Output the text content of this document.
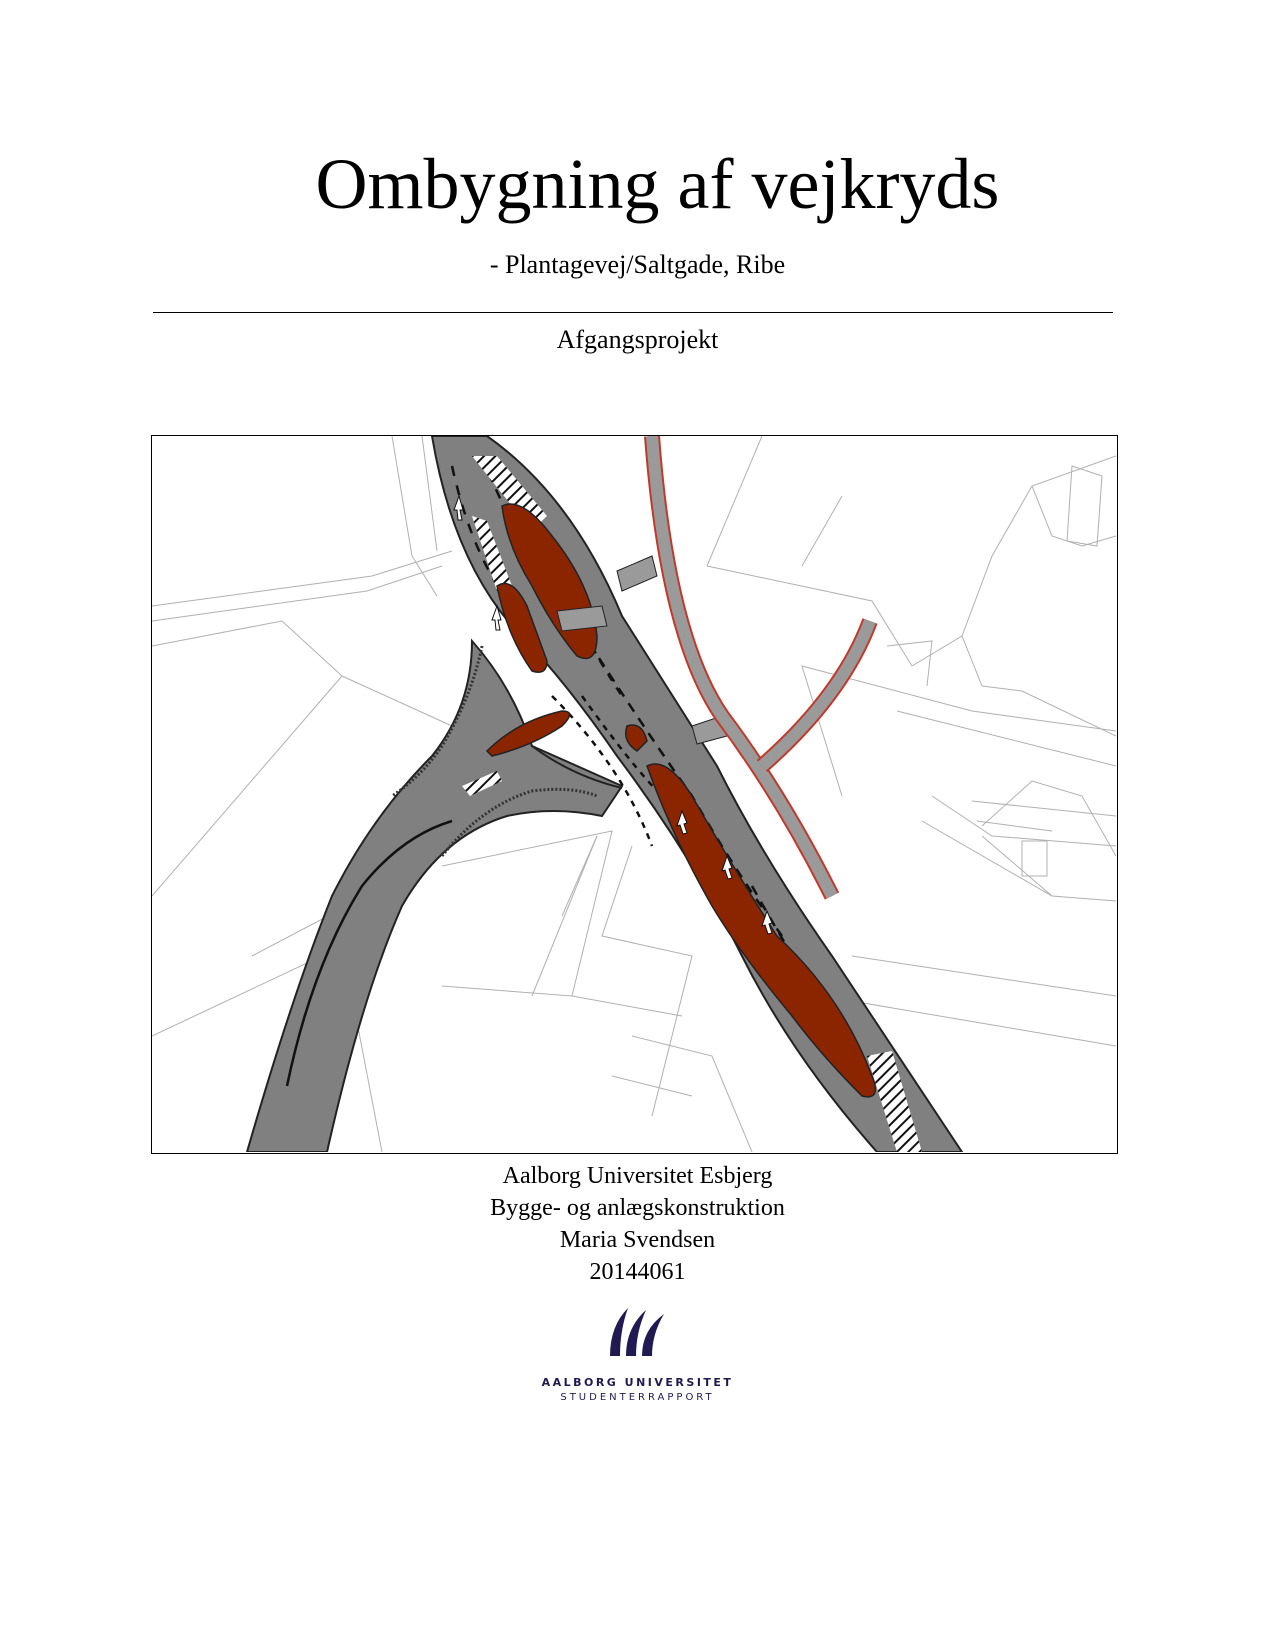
Ombygning af vejkryds
- Plantagevej/Saltgade, Ribe
Afgangsprojekt
Aalborg Universitet Esbjerg
Bygge- og anlægskonstruktion
Maria Svendsen
20144061
AALBORG UNIVERSITET
STUDENTERRAPPORT
